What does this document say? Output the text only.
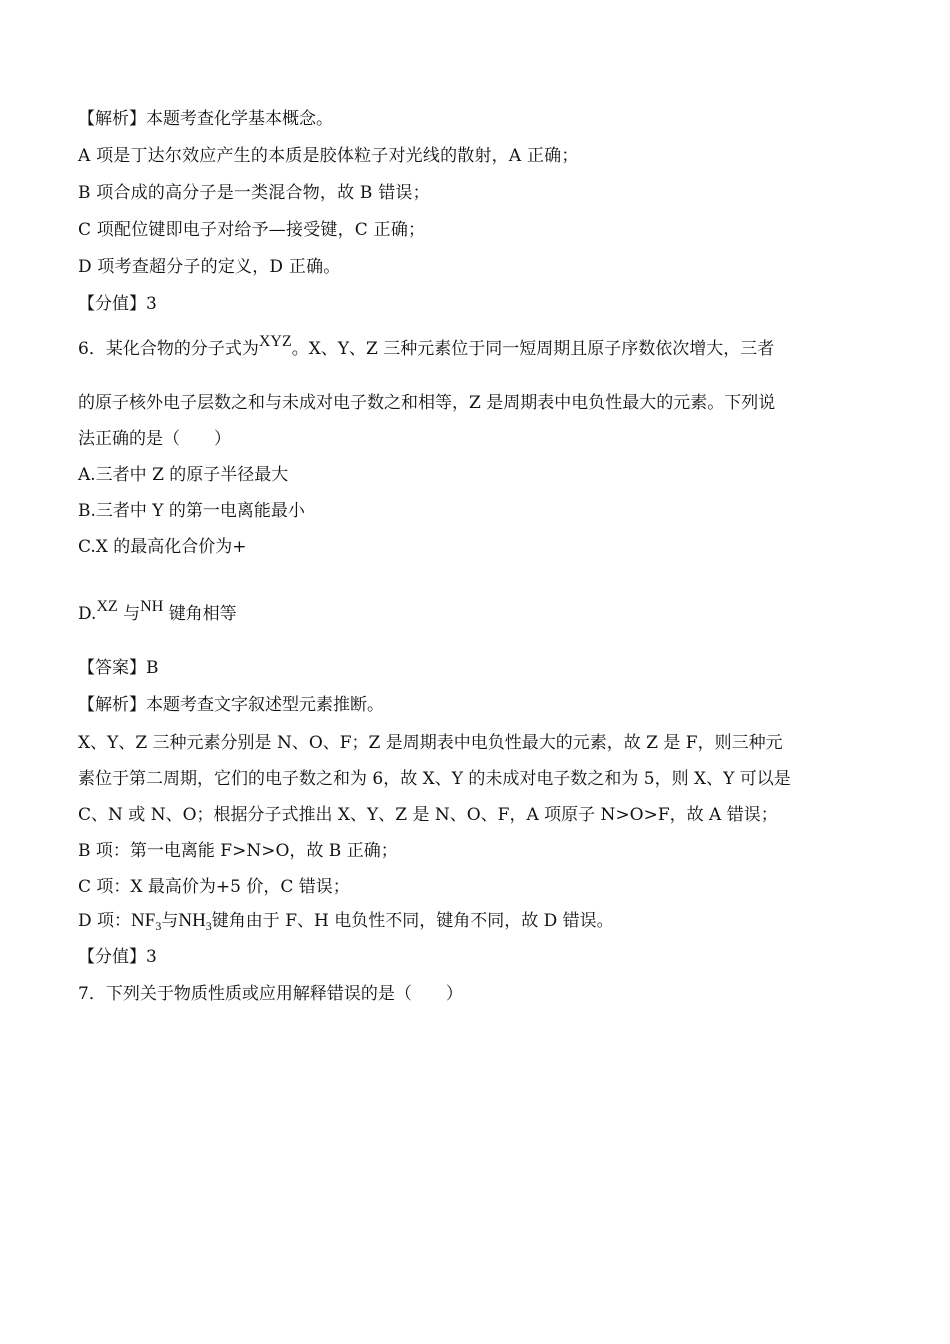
【解析】本题考查化学基本概念。
A 项是丁达尔效应产生的本质是胶体粒子对光线的散射，A 正确；
B 项合成的高分子是一类混合物，故 B 错误；
C 项配位键即电子对给予—接受键，C 正确；
D 项考查超分子的定义，D 正确。
【分值】3
6．某化合物的分子式为XYZ。X、Y、Z 三种元素位于同一短周期且原子序数依次增大，三者
的原子核外电子层数之和与未成对电子数之和相等，Z 是周期表中电负性最大的元素。下列说
法正确的是（　　）
A.三者中 Z 的原子半径最大
B.三者中 Y 的第一电离能最小
C.X 的最高化合价为+
D.XZ 与NH 键角相等
【答案】B
【解析】本题考查文字叙述型元素推断。
X、Y、Z 三种元素分别是 N、O、F；Z 是周期表中电负性最大的元素，故 Z 是 F，则三种元
素位于第二周期，它们的电子数之和为 6，故 X、Y 的未成对电子数之和为 5，则 X、Y 可以是
C、N 或 N、O；根据分子式推出 X、Y、Z 是 N、O、F，A 项原子 N>O>F，故 A 错误；
B 项：第一电离能 F>N>O，故 B 正确；
C 项：X 最高价为+5 价，C 错误；
D 项：$NF_3$与$NH_3$键角由于 F、H 电负性不同，键角不同，故 D 错误。
【分值】3
7．下列关于物质性质或应用解释错误的是（　　）
